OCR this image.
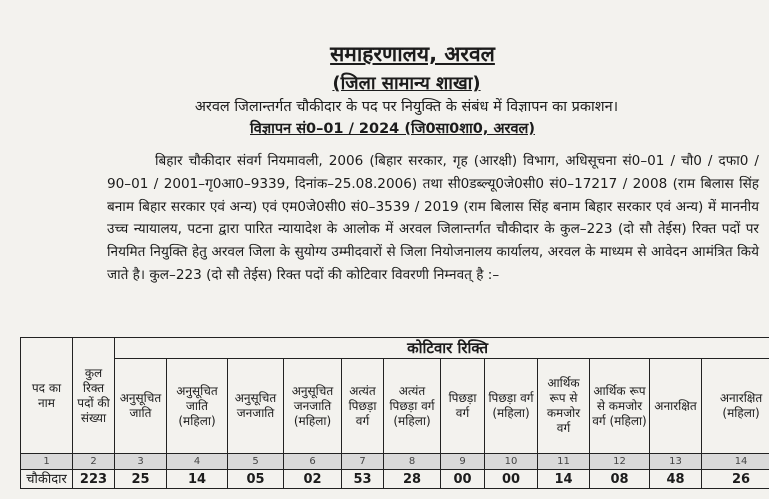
समाहरणालय, अरवल
(जिला सामान्य शाखा)
अरवल जिलान्तर्गत चौकीदार के पद पर नियुक्ति के संबंध में विज्ञापन का प्रकाशन।
विज्ञापन सं0–01 / 2024 (जि0सा0शा0, अरवल)

बिहार चौकीदार संवर्ग नियमावली, 2006 (बिहार सरकार, गृह (आरक्षी) विभाग, अधिसूचना सं0–01 / चौ0 / दफा0 / 90–01 / 2001–गृ0आ0–9339, दिनांक–25.08.2006) तथा सी0डब्ल्यू0जे0सी0 सं0–17217 / 2008 (राम बिलास सिंह बनाम बिहार सरकार एवं अन्य) एवं एम0जे0सी0 सं0–3539 / 2019 (राम बिलास सिंह बनाम बिहार सरकार एवं अन्य) में माननीय उच्च न्यायालय, पटना द्वारा पारित न्यायादेश के आलोक में अरवल जिलान्तर्गत चौकीदार के कुल–223 (दो सौ तेईस) रिक्त पदों पर नियमित नियुक्ति हेतु अरवल जिला के सुयोग्य उम्मीदवारों से जिला नियोजनालय कार्यालय, अरवल के माध्यम से आवेदन आमंत्रित किये जाते है। कुल–223 (दो सौ तेईस) रिक्त पदों की कोटिवार विवरणी निम्नवत् है :–

पद का नाम	कुल रिक्त पदों की संख्या	कोटिवार रिक्ति											
		अनुसूचित जाति	अनुसूचित जाति (महिला)	अनुसूचित जनजाति	अनुसूचित जनजाति (महिला)	अत्यंत पिछड़ा वर्ग	अत्यंत पिछड़ा वर्ग (महिला)	पिछड़ा वर्ग	पिछड़ा वर्ग (महिला)	आर्थिक रूप से कमजोर वर्ग	आर्थिक रूप से कमजोर वर्ग (महिला)	अनारक्षित	अनारक्षित (महिला)
1	2	3	4	5	6	7	8	9	10	11	12	13	14
चौकीदार	223	25	14	05	02	53	28	00	00	14	08	48	26
